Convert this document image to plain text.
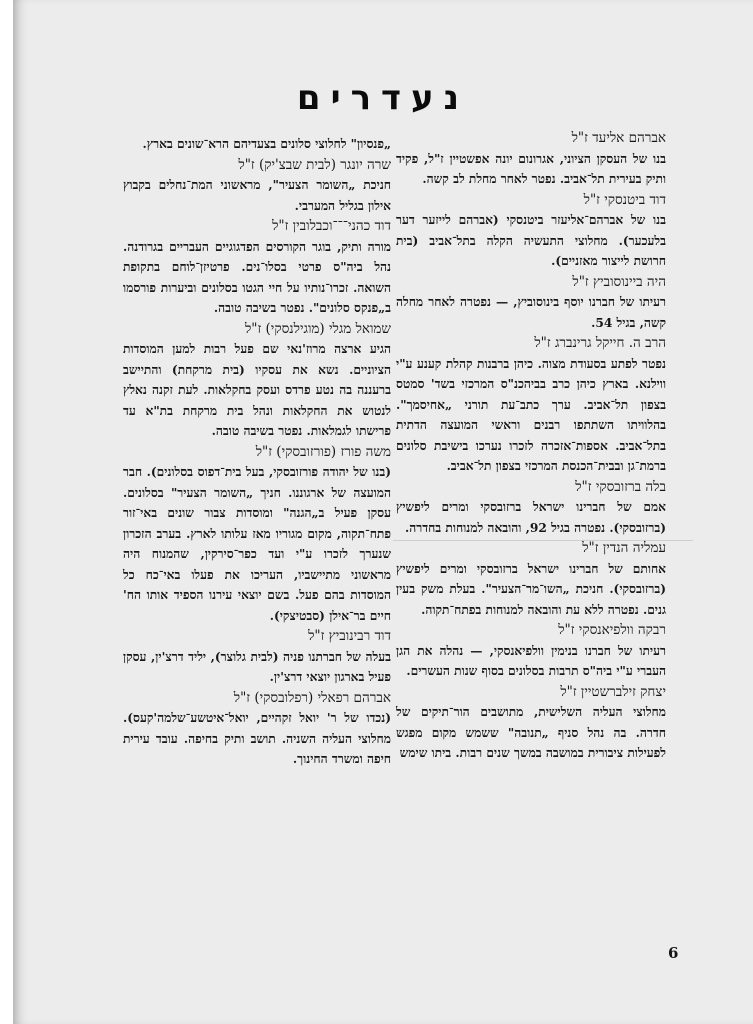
נעדרים
אברהם אליעד ז"ל
בנו של העסקן הציוני, אגרונום יונה אפשטיין ז"ל, פקיד ותיק בעירית תל־אביב. נפטר לאחר מחלת לב קשה.
דוד ביטנסקי ז"ל
בנו של אברהם־אליעזר ביטנסקי (אברהם לייזער דער בלעכער). מחלוצי התעשיה הקלה בתל־אביב (בית חרושת לייצור מאזניים).
היה ביינוסוביץ ז"ל
רעיתו של חברנו יוסף בינוסוביץ, — נפטרה לאחר מחלה קשה, בגיל 54.
הרב ה. חייקל גרינברג ז"ל
נפטר לפתע בסעודת מצוה. כיהן ברבנות קהלת קענע ע"י ווילנא. בארץ כיהן כרב בביהכנ"ס המרכזי בשד' סמטס בצפון תל־אביב. ערך כתב־עת תורני „אחיסמך". בהלוויתו השתתפו רבנים וראשי המועצה הדתית בתל־אביב. אספות־אזכרה לזכרו נערכו בישיבת סלונים ברמת־גן ובבית־הכנסת המרכזי בצפון תל־אביב.
בלה ברזובסקי ז"ל
אמם של חברינו ישראל ברזובסקי ומרים ליפשיץ (ברזובסקי). נפטרה בגיל 92, והובאה למנוחות בחדרה.
עמליה הנדין ז"ל
אחותם של חברינו ישראל ברזובסקי ומרים ליפשיץ (ברזובסקי). חניכת „השו־מר־הצעיר". בעלת משק בעין גנים. נפטרה ללא עת והובאה למנוחות בפתח־תקוה.
רבקה וולפיאנסקי ז"ל
רעיתו של חברנו בנימין וולפיאנסקי, — נהלה את הגן העברי ע"י ביה"ס תרבות בסלונים בסוף שנות העשרים.
יצחק זילברשטיין ז"ל
מחלוצי העליה השלישית, מתושבים הור־תיקים של חדרה. בה נהל סניף „תנובה" ששמש מקום מפגש לפעילות ציבורית במושבה במשך שנים רבות. ביתו שימש
„פנסיון" לחלוצי סלונים בצעדיהם הרא־שונים בארץ.
שרה יונגר (לבית שבצ'יק) ז"ל
חניכת „השומר הצעיר", מראשוני המת־נחלים בקבוץ אילון בגליל המערבי.
דוד כהני־־־וכבלובין ז"ל
מורה ותיק, בוגר הקורסים הפדגוגיים העבריים בגרודנה. נהל ביה"ס פרטי בסלו־נים. פרטיזן־לוחם בתקופת השואה. זכרו־נותיו על חיי הגטו בסלונים וביערות פורסמו ב„פנקס סלונים". נפטר בשיבה טובה.
שמואל מגלי (מוגילנסקי) ז"ל
הגיע ארצה מרוז'נאי שם פעל רבות למען המוסדות הציוניים. נשא את עסקיו (בית מרקחת) והתיישב ברעננה בה נטע פרדס ועסק בחקלאות. לעת זקנה נאלץ לנטוש את החקלאות ונהל בית מרקחת בת"א עד פרישתו לגמלאות. נפטר בשיבה טובה.
משה פורז (פורזובסקי) ז"ל
(בנו של יהודה פורזובסקי, בעל בית־דפוס בסלונים). חבר המועצה של ארגוננו. חניך „השומר הצעיר" בסלונים. עסקן פעיל ב„הגנה" ומוסדות צבור שונים באי־זור פתח־תקוה, מקום מגוריו מאז עלותו לארץ. בערב הזכרון שנערך לזכרו ע"י ועד כפר־סירקין, שהמנוח היה מראשוני מתיישביו, העריכו את פעלו באי־כח כל המוסדות בהם פעל. בשם יוצאי עירנו הספיד אותו הח' חיים בר־אילן (סבטיצקי).
דוד רבינוביץ ז"ל
בעלה של חברתנו פניה (לבית גלוצר), יליד דרצ'ין, עסקן פעיל בארגון יוצאי דרצ'ין.
אברהם רפאלי (רפלובסקי) ז"ל
(נכדו של ר' יואל זקהיים, יואל־איטשע־שלמה'קעס). מחלוצי העליה השניה. תושב ותיק בחיפה. עובד עירית חיפה ומשרד החינוך.
6
